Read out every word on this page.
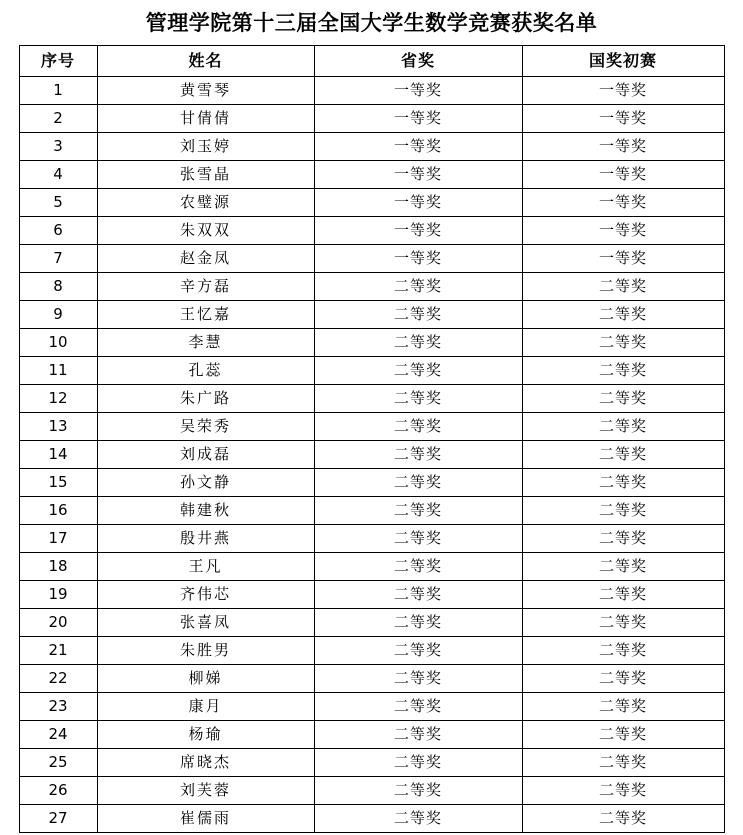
管理学院第十三届全国大学生数学竞赛获奖名单
序号	姓名	省奖	国奖初赛
1	黄雪琴	一等奖	一等奖
2	甘倩倩	一等奖	一等奖
3	刘玉婷	一等奖	一等奖
4	张雪晶	一等奖	一等奖
5	农璧源	一等奖	一等奖
6	朱双双	一等奖	一等奖
7	赵金凤	一等奖	一等奖
8	辛方磊	二等奖	二等奖
9	王忆嘉	二等奖	二等奖
10	李慧	二等奖	二等奖
11	孔蕊	二等奖	二等奖
12	朱广路	二等奖	二等奖
13	吴荣秀	二等奖	二等奖
14	刘成磊	二等奖	二等奖
15	孙文静	二等奖	二等奖
16	韩建秋	二等奖	二等奖
17	殷井燕	二等奖	二等奖
18	王凡	二等奖	二等奖
19	齐伟芯	二等奖	二等奖
20	张喜凤	二等奖	二等奖
21	朱胜男	二等奖	二等奖
22	柳娣	二等奖	二等奖
23	康月	二等奖	二等奖
24	杨瑜	二等奖	二等奖
25	席晓杰	二等奖	二等奖
26	刘芙蓉	二等奖	二等奖
27	崔儒雨	二等奖	二等奖
